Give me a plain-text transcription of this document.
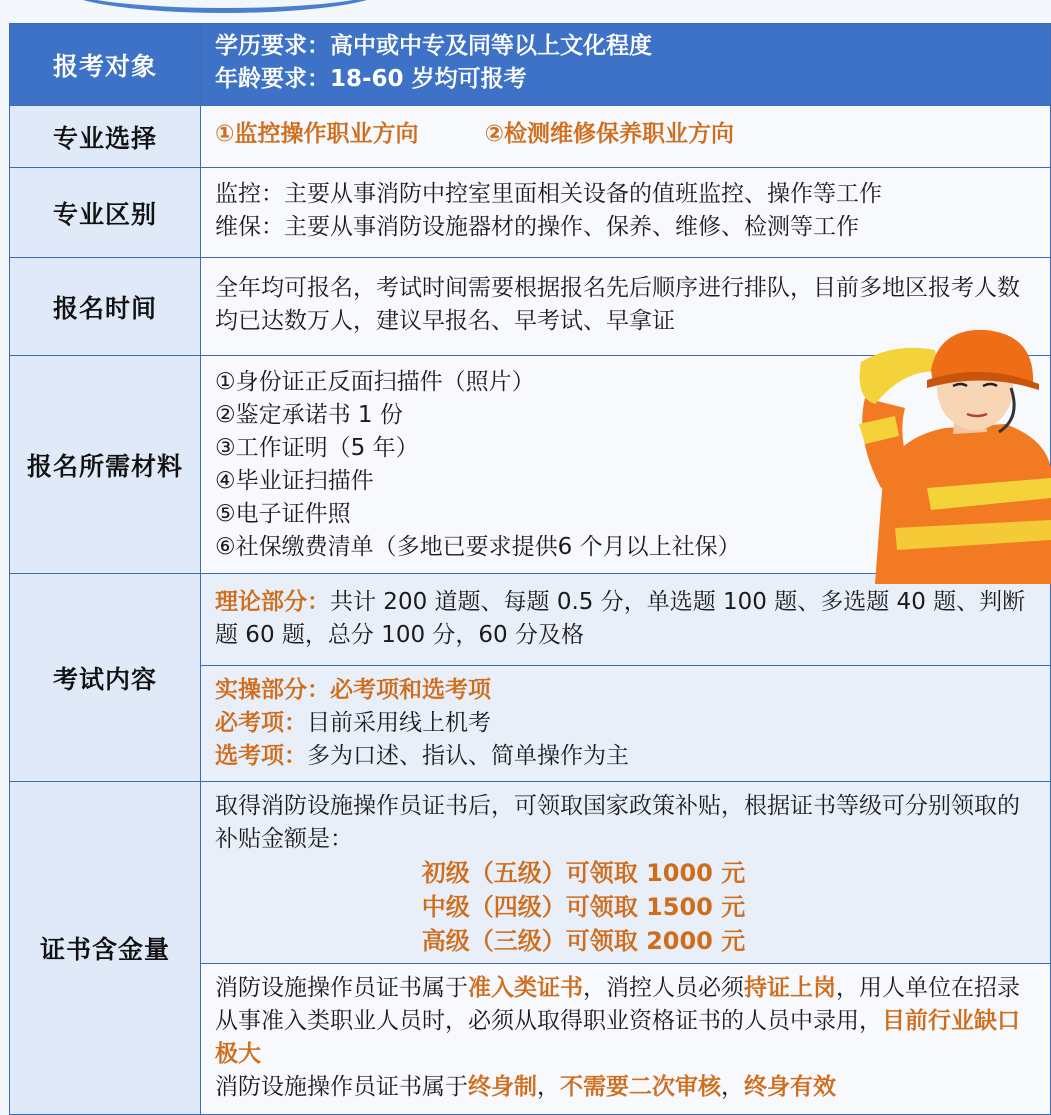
报考对象
学历要求：高中或中专及同等以上文化程度
年龄要求：18-60 岁均可报考
专业选择	①监控操作职业方向	②检测维修保养职业方向
专业区别
监控：主要从事消防中控室里面相关设备的值班监控、操作等工作
维保：主要从事消防设施器材的操作、保养、维修、检测等工作
报名时间
全年均可报名，考试时间需要根据报名先后顺序进行排队，目前多地区报考人数均已达数万人，建议早报名、早考试、早拿证
报名所需材料
①身份证正反面扫描件（照片）
②鉴定承诺书 1 份
③工作证明（5 年）
④毕业证扫描件
⑤电子证件照
⑥社保缴费清单（多地已要求提供6 个月以上社保）
考试内容
理论部分：共计 200 道题、每题 0.5 分，单选题 100 题、多选题 40 题、判断题 60 题，总分 100 分，60 分及格
实操部分：必考项和选考项
必考项：目前采用线上机考
选考项：多为口述、指认、简单操作为主
证书含金量
取得消防设施操作员证书后，可领取国家政策补贴，根据证书等级可分别领取的补贴金额是：
初级（五级）可领取 1000 元
中级（四级）可领取 1500 元
高级（三级）可领取 2000 元
消防设施操作员证书属于准入类证书，消控人员必须持证上岗，用人单位在招录从事准入类职业人员时，必须从取得职业资格证书的人员中录用，目前行业缺口极大
消防设施操作员证书属于终身制，不需要二次审核，终身有效
